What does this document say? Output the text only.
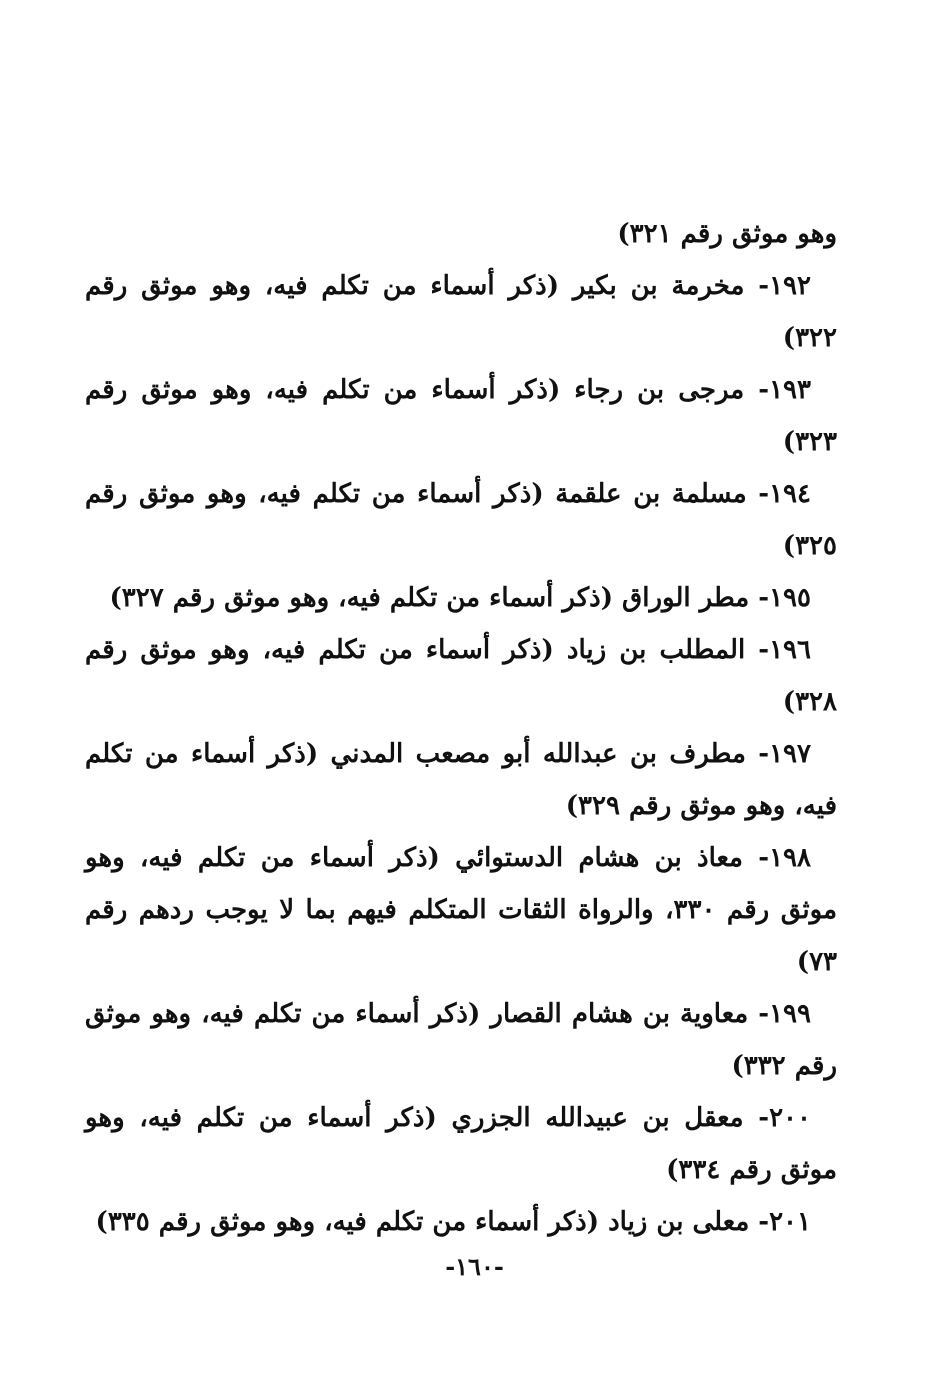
وهو موثق رقم ٣٢١)

١٩٢- مخرمة بن بكير (ذكر أسماء من تكلم فيه، وهو موثق رقم ٣٢٢)

١٩٣- مرجى بن رجاء (ذكر أسماء من تكلم فيه، وهو موثق رقم ٣٢٣)

١٩٤- مسلمة بن علقمة (ذكر أسماء من تكلم فيه، وهو موثق رقم ٣٢٥)

١٩٥- مطر الوراق (ذكر أسماء من تكلم فيه، وهو موثق رقم ٣٢٧)

١٩٦- المطلب بن زياد (ذكر أسماء من تكلم فيه، وهو موثق رقم ٣٢٨)

١٩٧- مطرف بن عبدالله أبو مصعب المدني (ذكر أسماء من تكلم فيه، وهو موثق رقم ٣٢٩)

١٩٨- معاذ بن هشام الدستوائي (ذكر أسماء من تكلم فيه، وهو موثق رقم ٣٣٠، والرواة الثقات المتكلم فيهم بما لا يوجب ردهم رقم ٧٣)

١٩٩- معاوية بن هشام القصار (ذكر أسماء من تكلم فيه، وهو موثق رقم ٣٣٢)

٢٠٠- معقل بن عبيدالله الجزري (ذكر أسماء من تكلم فيه، وهو موثق رقم ٣٣٤)

٢٠١- معلى بن زياد (ذكر أسماء من تكلم فيه، وهو موثق رقم ٣٣٥)

-١٦٠-
